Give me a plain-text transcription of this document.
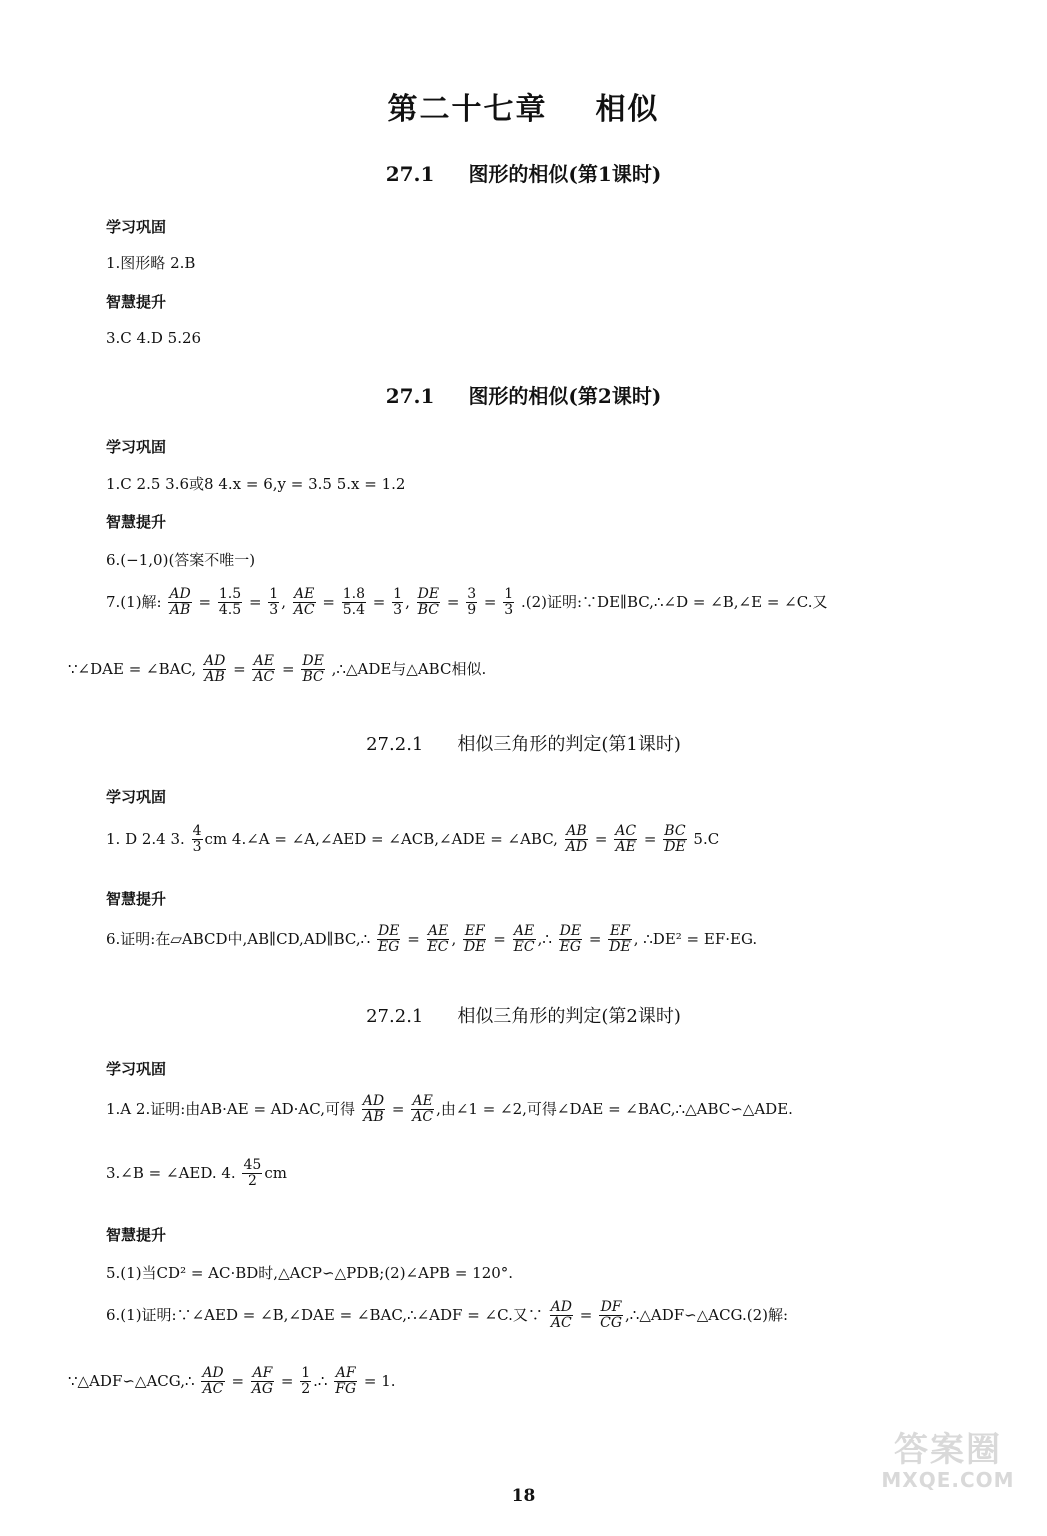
第二十七章 相似
27.1 图形的相似(第1课时)
学习巩固
1.图形略 2.B
智慧提升
3.C 4.D 5.26
27.1 图形的相似(第2课时)
学习巩固
1.C 2.5 3.6或8 4.x = 6,y = 3.5 5.x = 1.2
智慧提升
6.(−1,0)(答案不唯一)
7.(1)解: $\frac{AD}{AB} = \frac{1.5}{4.5} = \frac{1}{3}$ , $\frac{AE}{AC} = \frac{1.8}{5.4} = \frac{1}{3}$ , $\frac{DE}{BC} = \frac{3}{9} = \frac{1}{3} .(2)$证明:∵DE∥BC,∴∠D = ∠B,∠E = ∠C.又
∵∠DAE = ∠BAC, $\frac{AD}{AB} = \frac{AE}{AC} = \frac{DE}{BC}$ ,∴△ADE与△ABC相似.
27.2.1 相似三角形的判定(第1课时)
学习巩固
1. D 2.4 3. $\frac{4}{3}$ cm 4.∠A = ∠A,∠AED = ∠ACB,∠ADE = ∠ABC, $\frac{AB}{AD} = \frac{AC}{AE} = \frac{BC}{DE} 5.C$
智慧提升
6.证明:在▱ABCD中,AB∥CD,AD∥BC,∴ $\frac{DE}{EG} = \frac{AE}{EC}$ , $\frac{EF}{DE} = \frac{AE}{EC}$ ,∴ $\frac{DE}{EG} = \frac{EF}{DE}$ , ∴DE² = EF·EG.
27.2.1 相似三角形的判定(第2课时)
学习巩固
1.A 2.证明:由AB·AE = AD·AC,可得 $\frac{AD}{AB} = \frac{AE}{AC}$ ,由∠1 = ∠2,可得∠DAE = ∠BAC,∴△ABC∽△ADE.
3.∠B = ∠AED. 4. $\frac{45}{2}$ cm
智慧提升
5.(1)当CD² = AC·BD时,△ACP∽△PDB;(2)∠APB = 120°.
6.(1)证明:∵∠AED = ∠B,∠DAE = ∠BAC,∴∠ADF = ∠C.又∵ $\frac{AD}{AC} = \frac{DF}{CG}$ ,∴△ADF∽△ACG.(2)解:
∵△ADF∽△ACG,∴ $\frac{AD}{AC} = \frac{AF}{AG} = \frac{1}{2}$ .∴ $\frac{AF}{FG} = 1$.
18
答案圈
MXQE.COM
